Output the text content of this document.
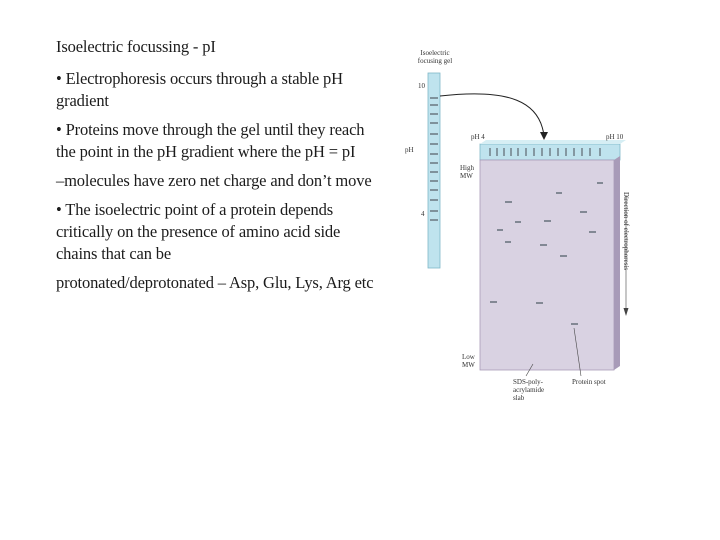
Isoelectric focussing - pI

• Electrophoresis occurs through a stable pH gradient

• Proteins move through the gel until they reach the point in the pH gradient where the pH = pI

–molecules have zero net charge and don’t move

• The isoelectric point of a protein depends critically on the presence of amino acid side chains that can be

protonated/deprotonated – Asp, Glu, Lys, Arg etc

Isoelectric
focusing gel
10
pH
4
pH 4	pH 10
High
MW
Low
MW
Direction of electrophoresis
SDS-poly-
acrylamide
slab
Protein spot
